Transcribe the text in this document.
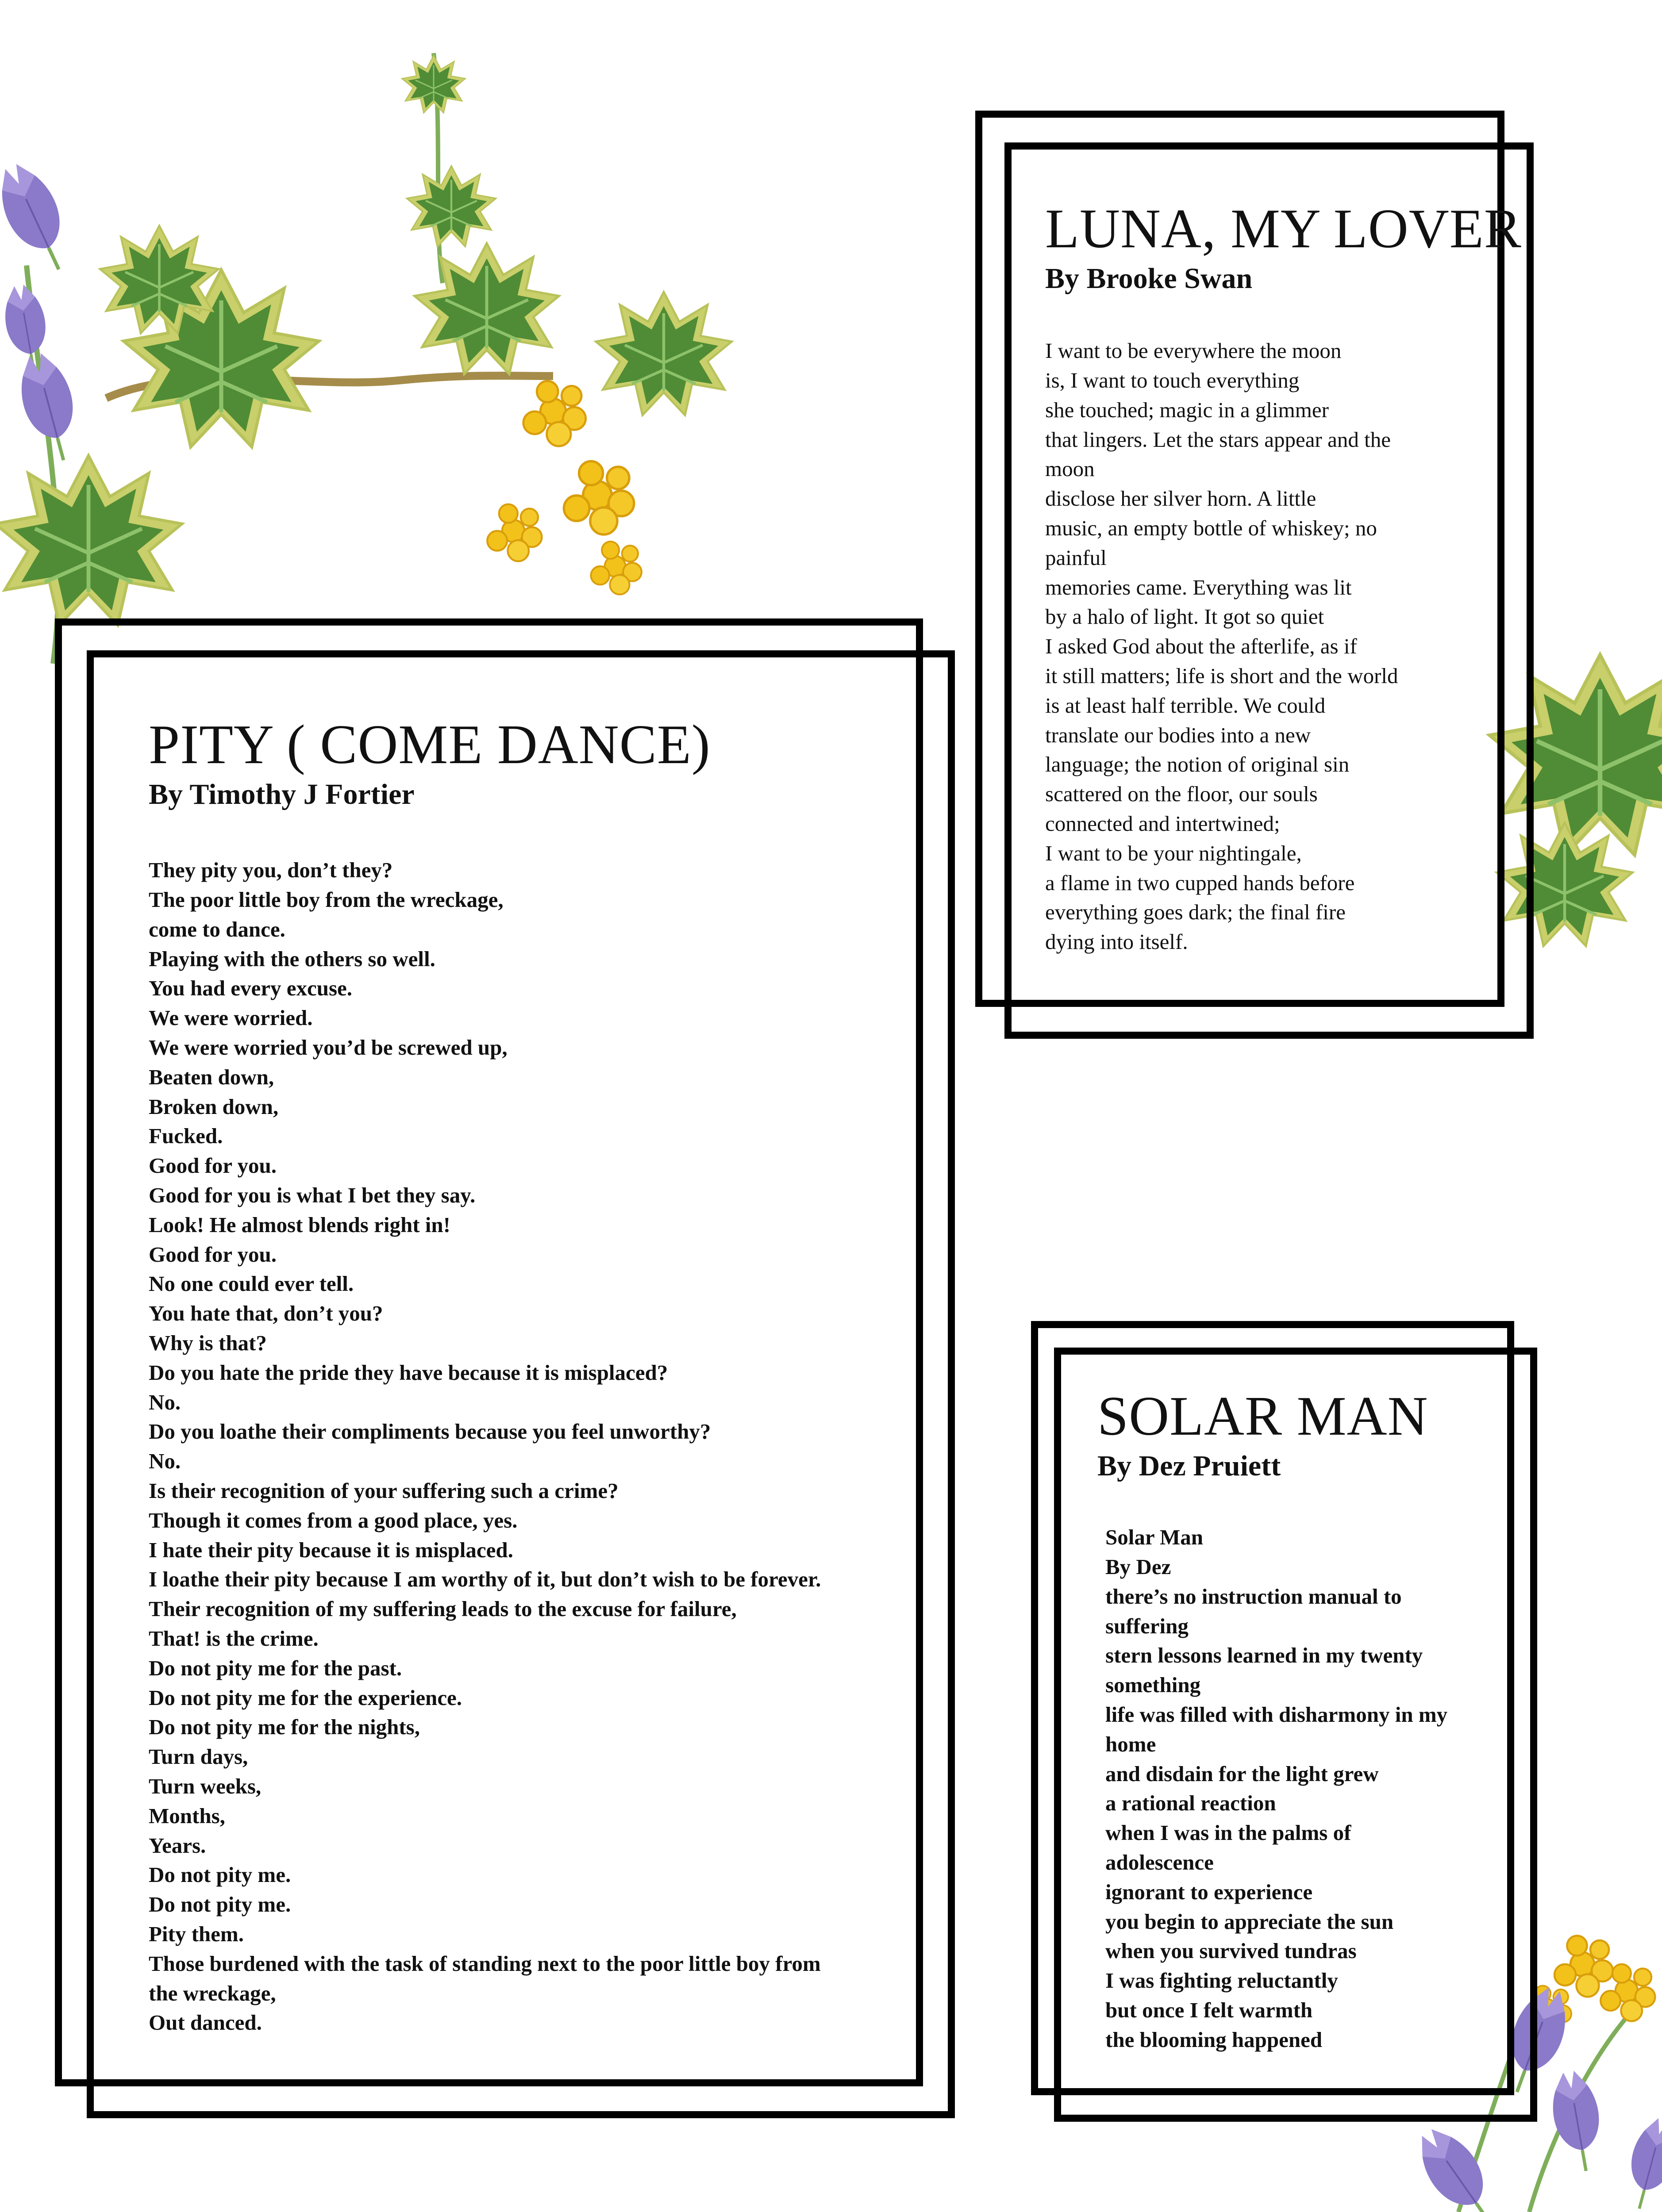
PITY ( COME DANCE)
By Timothy J Fortier
They pity you, don’t they?
The poor little boy from the wreckage,
come to dance.
Playing with the others so well.
You had every excuse.
We were worried.
We were worried you’d be screwed up,
Beaten down,
Broken down,
Fucked.
Good for you.
Good for you is what I bet they say.
Look! He almost blends right in!
Good for you.
No one could ever tell.
You hate that, don’t you?
Why is that?
Do you hate the pride they have because it is misplaced?
No.
Do you loathe their compliments because you feel unworthy?
No.
Is their recognition of your suffering such a crime?
Though it comes from a good place, yes.
I hate their pity because it is misplaced.
I loathe their pity because I am worthy of it, but don’t wish to be forever.
Their recognition of my suffering leads to the excuse for failure,
That! is the crime.
Do not pity me for the past.
Do not pity me for the experience.
Do not pity me for the nights,
Turn days,
Turn weeks,
Months,
Years.
Do not pity me.
Do not pity me.
Pity them.
Those burdened with the task of standing next to the poor little boy from
the wreckage,
Out danced.
LUNA, MY LOVER
By Brooke Swan
I want to be everywhere the moon
is, I want to touch everything
she touched; magic in a glimmer
that lingers. Let the stars appear and the
moon
disclose her silver horn. A little
music, an empty bottle of whiskey; no
painful
memories came. Everything was lit
by a halo of light. It got so quiet
I asked God about the afterlife, as if
it still matters; life is short and the world
is at least half terrible. We could
translate our bodies into a new
language; the notion of original sin
scattered on the floor, our souls
connected and intertwined;
I want to be your nightingale,
a flame in two cupped hands before
everything goes dark; the final fire
dying into itself.
SOLAR MAN
By Dez Pruiett
Solar Man
By Dez
there’s no instruction manual to
suffering
stern lessons learned in my twenty
something
life was filled with disharmony in my
home
and disdain for the light grew
a rational reaction
when I was in the palms of
adolescence
ignorant to experience
you begin to appreciate the sun
when you survived tundras
I was fighting reluctantly
but once I felt warmth
the blooming happened
